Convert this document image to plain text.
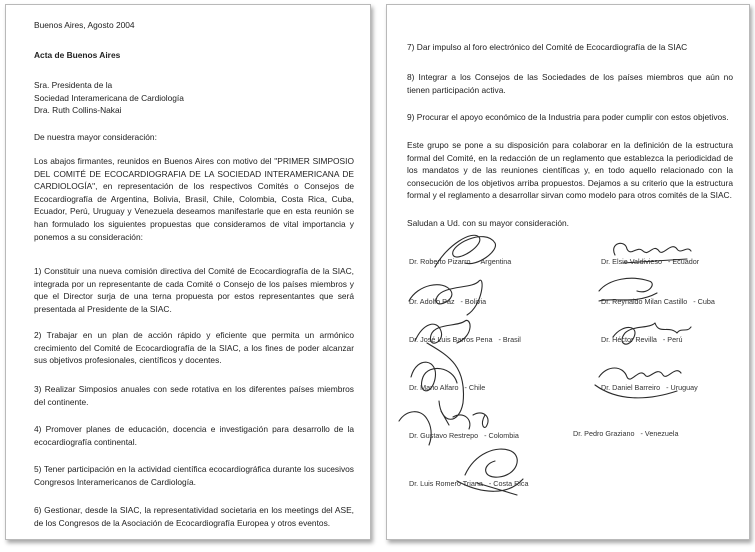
Buenos Aires, Agosto 2004

Acta de Buenos Aires

Sra. Presidenta de la

Sociedad Interamericana de Cardiología

Dra. Ruth Collins-Nakai

De nuestra mayor consideración:

Los abajos firmantes, reunidos en Buenos Aires con motivo del "PRIMER SIMPOSIO DEL COMITÉ DE ECOCARDIOGRAFIA DE LA SOCIEDAD INTERAMERICANA DE CARDIOLOGÍA", en representación de los respectivos Comités o Consejos de Ecocardiografía de Argentina, Bolivia, Brasil, Chile, Colombia, Costa Rica, Cuba, Ecuador, Perú, Uruguay y Venezuela deseamos manifestarle que en esta reunión se han formulado los siguientes propuestas que consideramos de vital importancia y ponemos a su consideración:

1) Constituir una nueva comisión directiva del Comité de Ecocardiografía de la SIAC, integrada por un representante de cada Comité o Consejo de los países miembros y que el Director surja de una terna propuesta por estos representantes que será presentada al Presidente de la SIAC.

2) Trabajar en un plan de acción rápido y eficiente que permita un armónico crecimiento del Comité de Ecocardiografía de la SIAC, a los fines de poder alcanzar sus objetivos profesionales, científicos y docentes.

3) Realizar Simposios anuales con sede rotativa en los diferentes países miembros del continente.

4) Promover planes de educación, docencia e investigación para desarrollo de la ecocardiografía continental.

5) Tener participación en la actividad científica ecocardiográfica durante los sucesivos Congresos Interamericanos de Cardiología.

6) Gestionar, desde la SIAC, la representatividad societaria en los meetings del ASE, de los Congresos de la Asociación de Ecocardiografía Europea y otros eventos.

7) Dar impulso al foro electrónico del Comité de Ecocardiografía de la SIAC

8) Integrar a los Consejos de las Sociedades de los países miembros que aún no tienen participación activa.

9) Procurar el apoyo económico de la Industria para poder cumplir con estos objetivos.

Este grupo se pone a su disposición para colaborar en la definición de la estructura formal del Comité, en la redacción de un reglamento que establezca la periodicidad de los mandatos y de las reuniones científicas y, en todo aquello relacionado con la consecución de los objetivos arriba propuestos. Dejamos a su criterio que la estructura formal y el reglamento a desarrollar sirvan como modelo para otros comités de la SIAC.

Saludan a Ud. con su mayor consideración.

Dr. Roberto Pizarro - Argentina	Dr. Elsie Valdivieso - Ecuador
Dr. Adolfo Paz - Bolivia	Dr. Reynaldo Milan Castillo - Cuba
Dr. José Luis Barros Pena - Brasil	Dr. Héctor Revilla - Perú
Dr. Mario Alfaro - Chile	Dr. Daniel Barreiro - Uruguay
Dr. Gustavo Restrepo - Colombia	Dr. Pedro Graziano - Venezuela
Dr. Luis Romero Triana - Costa Rica
